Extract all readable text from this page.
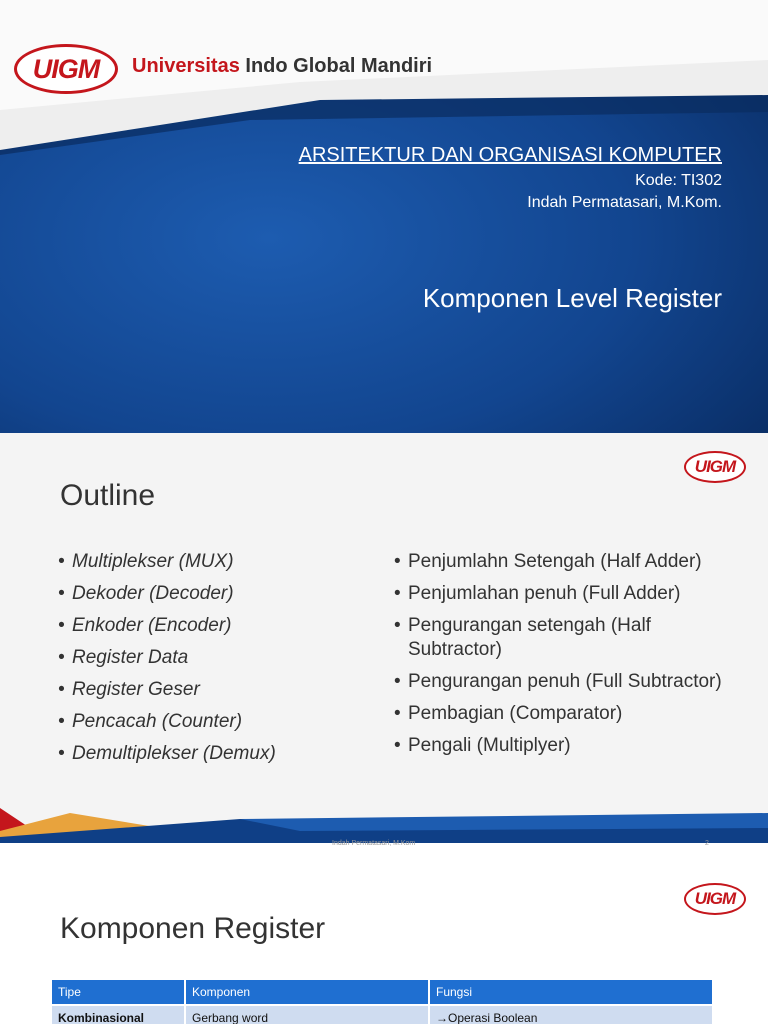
UIGM	Universitas Indo Global Mandiri
ARSITEKTUR DAN ORGANISASI KOMPUTER
Kode: TI302
Indah Permatasari, M.Kom.
Komponen Level Register
UIGM
Outline
• Multiplekser (MUX)
• Dekoder (Decoder)
• Enkoder (Encoder)
• Register Data
• Register Geser
• Pencacah (Counter)
• Demultiplekser (Demux)
• Penjumlahn Setengah (Half Adder)
• Penjumlahan penuh (Full Adder)
• Pengurangan setengah (Half Subtractor)
• Pengurangan penuh (Full Subtractor)
• Pembagian (Comparator)
• Pengali (Multiplyer)
Indah Permatasari, M.Kom	2
UIGM
Komponen Register
Tipe	Komponen	Fungsi
Kombinasional	Gerbang word	→Operasi Boolean
